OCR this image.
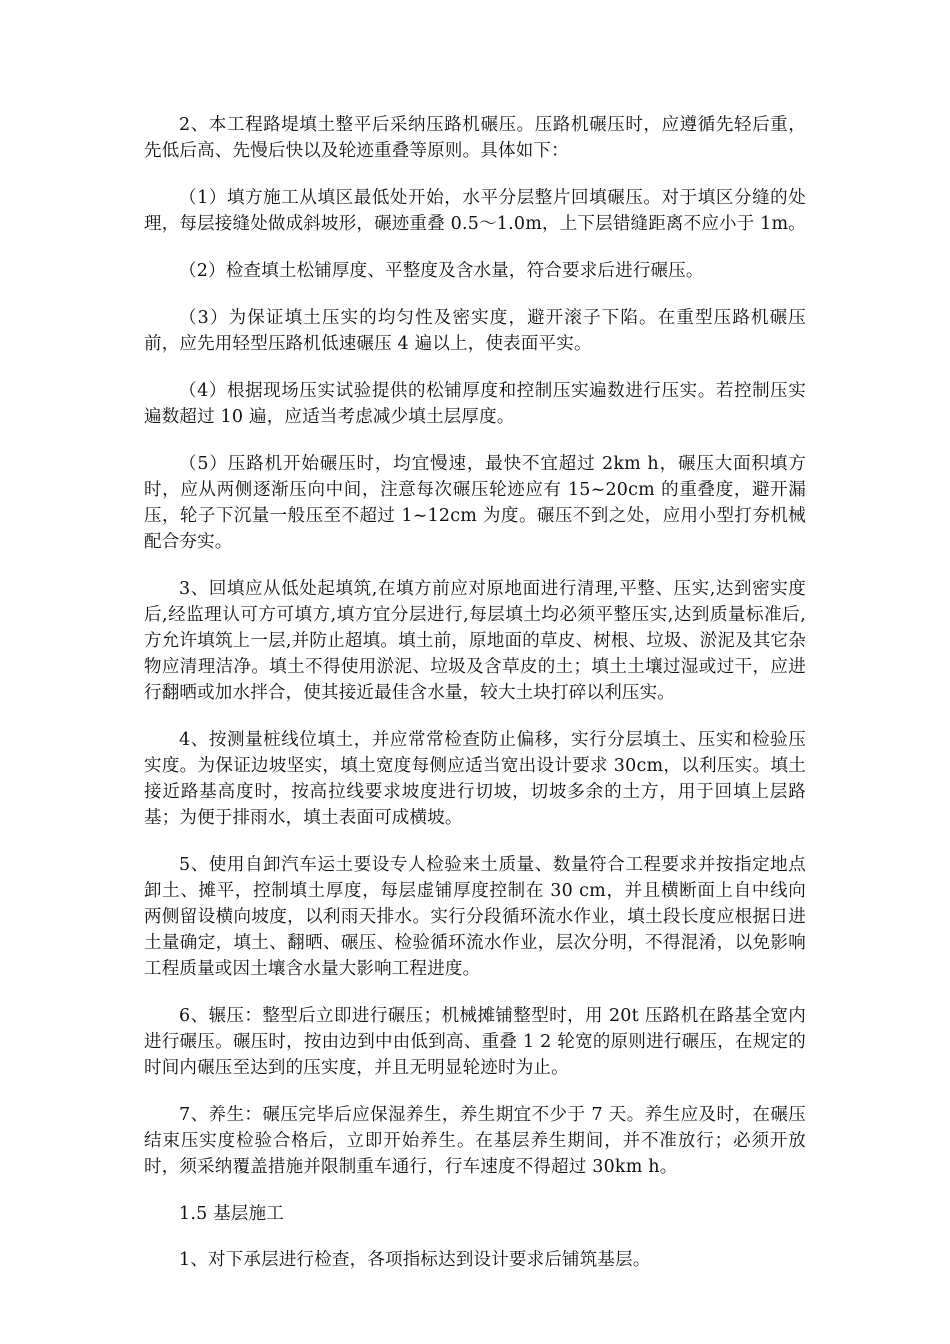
2、本工程路堤填土整平后采纳压路机碾压。压路机碾压时，应遵循先轻后重，先低后高、先慢后快以及轮迹重叠等原则。具体如下：

（1）填方施工从填区最低处开始，水平分层整片回填碾压。对于填区分缝的处理，每层接缝处做成斜坡形，碾迹重叠 0.5～1.0m，上下层错缝距离不应小于 1m。

（2）检查填土松铺厚度、平整度及含水量，符合要求后进行碾压。

（3）为保证填土压实的均匀性及密实度，避开滚子下陷。在重型压路机碾压前，应先用轻型压路机低速碾压 4 遍以上，使表面平实。

（4）根据现场压实试验提供的松铺厚度和控制压实遍数进行压实。若控制压实遍数超过 10 遍，应适当考虑减少填土层厚度。

（5）压路机开始碾压时，均宜慢速，最快不宜超过 2km h，碾压大面积填方时，应从两侧逐渐压向中间，注意每次碾压轮迹应有 15~20cm 的重叠度，避开漏压，轮子下沉量一般压至不超过 1~12cm 为度。碾压不到之处，应用小型打夯机械配合夯实。

3、回填应从低处起填筑,在填方前应对原地面进行清理,平整、压实,达到密实度后,经监理认可方可填方,填方宜分层进行,每层填土均必须平整压实,达到质量标准后,方允许填筑上一层,并防止超填。填土前，原地面的草皮、树根、垃圾、淤泥及其它杂物应清理洁净。填土不得使用淤泥、垃圾及含草皮的土；填土土壤过湿或过干，应进行翻晒或加水拌合，使其接近最佳含水量，较大土块打碎以利压实。

4、按测量桩线位填土，并应常常检查防止偏移，实行分层填土、压实和检验压实度。为保证边坡坚实，填土宽度每侧应适当宽出设计要求 30cm，以利压实。填土接近路基高度时，按高拉线要求坡度进行切坡，切坡多余的土方，用于回填上层路基；为便于排雨水，填土表面可成横坡。

5、使用自卸汽车运土要设专人检验来土质量、数量符合工程要求并按指定地点卸土、摊平，控制填土厚度，每层虚铺厚度控制在 30 cm，并且横断面上自中线向两侧留设横向坡度，以利雨天排水。实行分段循环流水作业，填土段长度应根据日进土量确定，填土、翻晒、碾压、检验循环流水作业，层次分明，不得混淆，以免影响工程质量或因土壤含水量大影响工程进度。

6、辗压：整型后立即进行碾压；机械摊铺整型时，用 20t 压路机在路基全宽内进行碾压。碾压时，按由边到中由低到高、重叠 1 2 轮宽的原则进行碾压，在规定的时间内碾压至达到的压实度，并且无明显轮迹时为止。

7、养生：碾压完毕后应保湿养生，养生期宜不少于 7 天。养生应及时，在碾压结束压实度检验合格后，立即开始养生。在基层养生期间，并不准放行；必须开放时，须采纳覆盖措施并限制重车通行，行车速度不得超过 30km h。

1.5 基层施工

1、对下承层进行检查，各项指标达到设计要求后铺筑基层。
